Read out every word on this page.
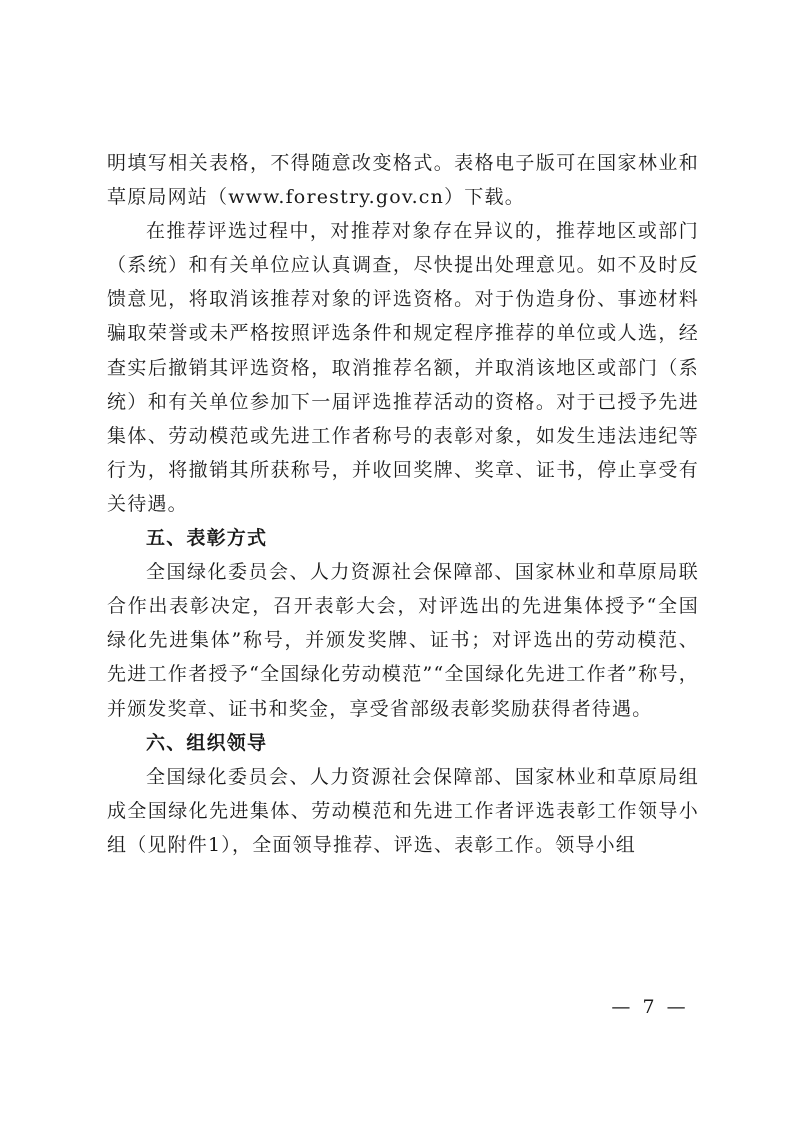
明填写相关表格，不得随意改变格式。表格电子版可在国家林业和草原局网站（www.forestry.gov.cn）下载。

在推荐评选过程中，对推荐对象存在异议的，推荐地区或部门（系统）和有关单位应认真调查，尽快提出处理意见。如不及时反馈意见，将取消该推荐对象的评选资格。对于伪造身份、事迹材料骗取荣誉或未严格按照评选条件和规定程序推荐的单位或人选，经查实后撤销其评选资格，取消推荐名额，并取消该地区或部门（系统）和有关单位参加下一届评选推荐活动的资格。对于已授予先进集体、劳动模范或先进工作者称号的表彰对象，如发生违法违纪等行为，将撤销其所获称号，并收回奖牌、奖章、证书，停止享受有关待遇。

五、表彰方式

全国绿化委员会、人力资源社会保障部、国家林业和草原局联合作出表彰决定，召开表彰大会，对评选出的先进集体授予“全国绿化先进集体”称号，并颁发奖牌、证书；对评选出的劳动模范、先进工作者授予“全国绿化劳动模范”“全国绿化先进工作者”称号，并颁发奖章、证书和奖金，享受省部级表彰奖励获得者待遇。

六、组织领导

全国绿化委员会、人力资源社会保障部、国家林业和草原局组成全国绿化先进集体、劳动模范和先进工作者评选表彰工作领导小组（见附件1），全面领导推荐、评选、表彰工作。领导小组

— 7 —
